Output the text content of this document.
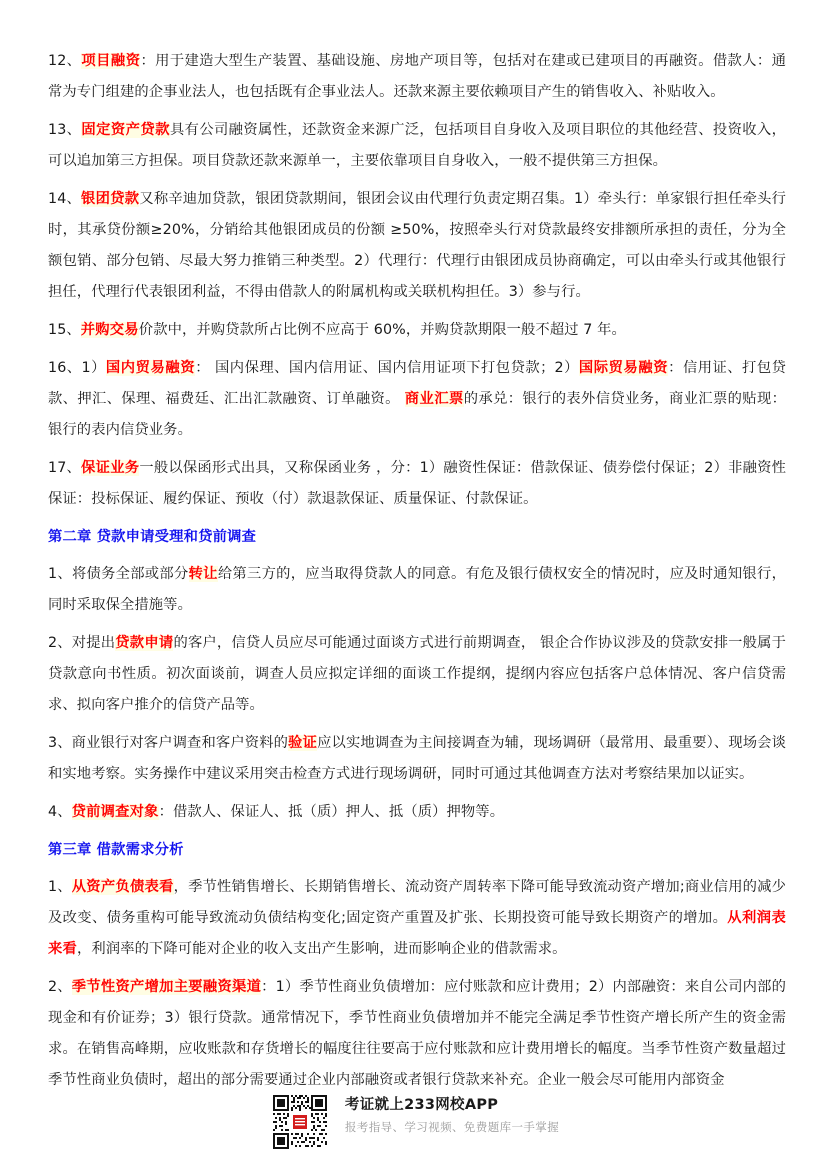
12、项目融资：用于建造大型生产装置、基础设施、房地产项目等，包括对在建或已建项目的再融资。借款人：通常为专门组建的企事业法人，也包括既有企事业法人。还款来源主要依赖项目产生的销售收入、补贴收入。

13、固定资产贷款具有公司融资属性，还款资金来源广泛，包括项目自身收入及项目职位的其他经营、投资收入，可以追加第三方担保。项目贷款还款来源单一，主要依靠项目自身收入，一般不提供第三方担保。

14、银团贷款又称辛迪加贷款，银团贷款期间，银团会议由代理行负责定期召集。1）牵头行：单家银行担任牵头行时，其承贷份额≥20%，分销给其他银团成员的份额 ≥50%，按照牵头行对贷款最终安排额所承担的责任，分为全额包销、部分包销、尽最大努力推销三种类型。2）代理行：代理行由银团成员协商确定，可以由牵头行或其他银行担任，代理行代表银团利益，不得由借款人的附属机构或关联机构担任。3）参与行。

15、并购交易价款中，并购贷款所占比例不应高于 60%，并购贷款期限一般不超过 7 年。

16、1）国内贸易融资： 国内保理、国内信用证、国内信用证项下打包贷款；2）国际贸易融资：信用证、打包贷款、押汇、保理、福费廷、汇出汇款融资、订单融资。 商业汇票的承兑：银行的表外信贷业务，商业汇票的贴现：银行的表内信贷业务。

17、保证业务一般以保函形式出具，又称保函业务 ，分：1）融资性保证：借款保证、债券偿付保证；2）非融资性保证：投标保证、履约保证、预收（付）款退款保证、质量保证、付款保证。

第二章 贷款申请受理和贷前调查

1、将债务全部或部分转让给第三方的，应当取得贷款人的同意。有危及银行债权安全的情况时，应及时通知银行，同时采取保全措施等。

2、对提出贷款申请的客户，信贷人员应尽可能通过面谈方式进行前期调查， 银企合作协议涉及的贷款安排一般属于贷款意向书性质。初次面谈前，调查人员应拟定详细的面谈工作提纲，提纲内容应包括客户总体情况、客户信贷需求、拟向客户推介的信贷产品等。

3、商业银行对客户调查和客户资料的验证应以实地调查为主间接调查为辅，现场调研（最常用、最重要）、现场会谈和实地考察。实务操作中建议采用突击检查方式进行现场调研，同时可通过其他调查方法对考察结果加以证实。

4、贷前调查对象：借款人、保证人、抵（质）押人、抵（质）押物等。

第三章 借款需求分析

1、从资产负债表看，季节性销售增长、长期销售增长、流动资产周转率下降可能导致流动资产增加;商业信用的减少及改变、债务重构可能导致流动负债结构变化;固定资产重置及扩张、长期投资可能导致长期资产的增加。从利润表来看，利润率的下降可能对企业的收入支出产生影响，进而影响企业的借款需求。

2、季节性资产增加主要融资渠道：1）季节性商业负债增加：应付账款和应计费用；2）内部融资：来自公司内部的现金和有价证券；3）银行贷款。通常情况下，季节性商业负债增加并不能完全满足季节性资产增长所产生的资金需求。在销售高峰期，应收账款和存货增长的幅度往往要高于应付账款和应计费用增长的幅度。当季节性资产数量超过季节性商业负债时，超出的部分需要通过企业内部融资或者银行贷款来补充。企业一般会尽可能用内部资金

考证就上233网校APP
报考指导、学习视频、免费题库一手掌握
